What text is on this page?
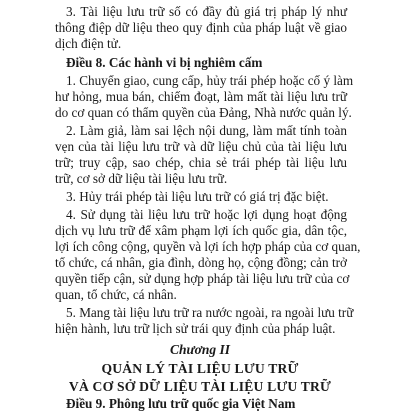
3. Tài liệu lưu trữ số có đầy đủ giá trị pháp lý như
thông điệp dữ liệu theo quy định của pháp luật về giao
dịch điện tử.
Điều 8. Các hành vi bị nghiêm cấm
1. Chuyển giao, cung cấp, hủy trái phép hoặc cố ý làm
hư hỏng, mua bán, chiếm đoạt, làm mất tài liệu lưu trữ
do cơ quan có thẩm quyền của Đảng, Nhà nước quản lý.
2. Làm giả, làm sai lệch nội dung, làm mất tính toàn
vẹn của tài liệu lưu trữ và dữ liệu chủ của tài liệu lưu
trữ; truy cập, sao chép, chia sẻ trái phép tài liệu lưu
trữ, cơ sở dữ liệu tài liệu lưu trữ.
3. Hủy trái phép tài liệu lưu trữ có giá trị đặc biệt.
4. Sử dụng tài liệu lưu trữ hoặc lợi dụng hoạt động
dịch vụ lưu trữ để xâm phạm lợi ích quốc gia, dân tộc,
lợi ích công cộng, quyền và lợi ích hợp pháp của cơ quan,
tổ chức, cá nhân, gia đình, dòng họ, cộng đồng; cản trở
quyền tiếp cận, sử dụng hợp pháp tài liệu lưu trữ của cơ
quan, tổ chức, cá nhân.
5. Mang tài liệu lưu trữ ra nước ngoài, ra ngoài lưu trữ
hiện hành, lưu trữ lịch sử trái quy định của pháp luật.
Chương II
QUẢN LÝ TÀI LIỆU LƯU TRỮ
VÀ CƠ SỞ DỮ LIỆU TÀI LIỆU LƯU TRỮ
Điều 9. Phông lưu trữ quốc gia Việt Nam
